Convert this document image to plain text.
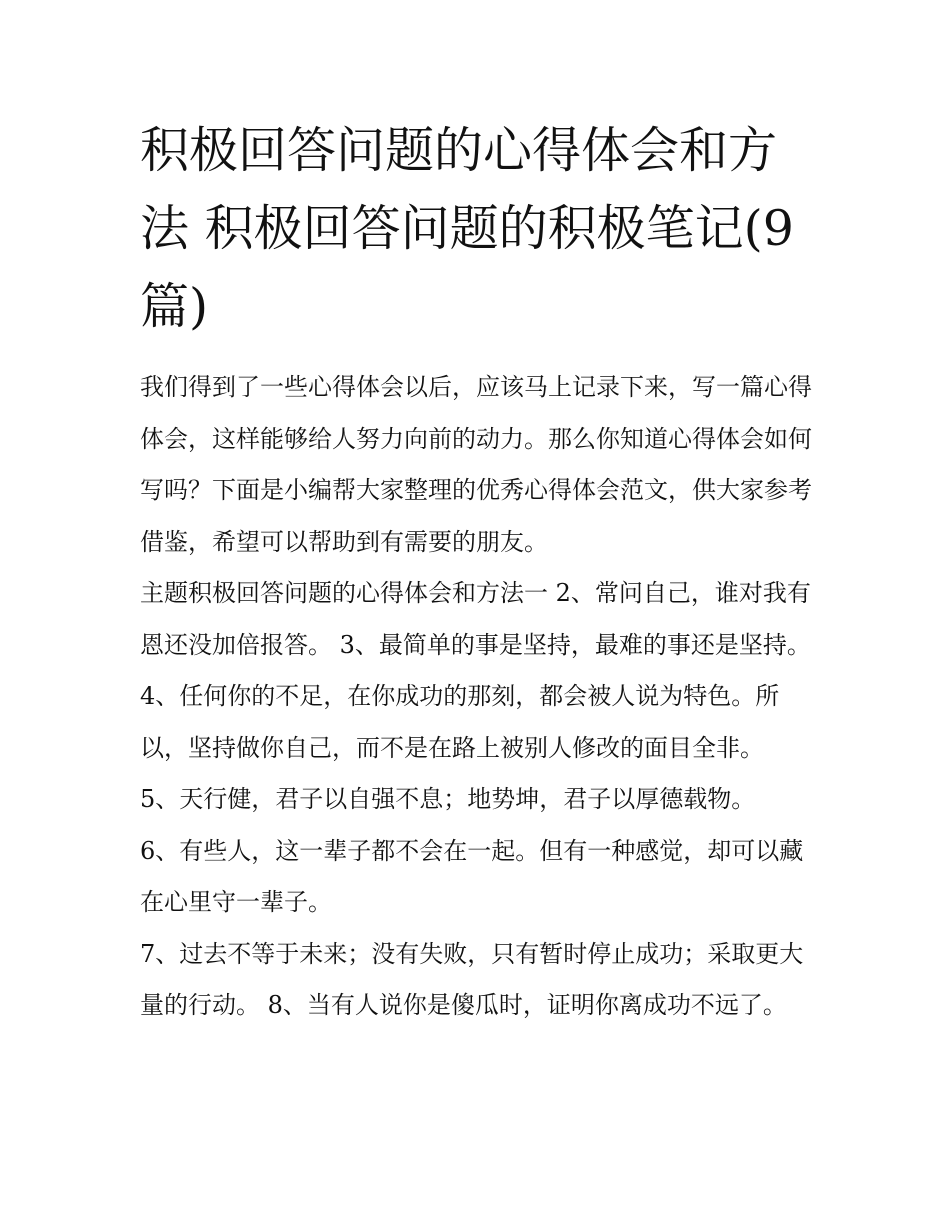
积极回答问题的心得体会和方法 积极回答问题的积极笔记(9篇)

我们得到了一些心得体会以后，应该马上记录下来，写一篇心得体会，这样能够给人努力向前的动力。那么你知道心得体会如何写吗？下面是小编帮大家整理的优秀心得体会范文，供大家参考借鉴，希望可以帮助到有需要的朋友。

主题积极回答问题的心得体会和方法一 2、常问自己，谁对我有恩还没加倍报答。 3、最简单的事是坚持，最难的事还是坚持。

4、任何你的不足，在你成功的那刻，都会被人说为特色。所以，坚持做你自己，而不是在路上被别人修改的面目全非。

5、天行健，君子以自强不息；地势坤，君子以厚德载物。

6、有些人，这一辈子都不会在一起。但有一种感觉，却可以藏在心里守一辈子。

7、过去不等于未来；没有失败，只有暂时停止成功；采取更大量的行动。 8、当有人说你是傻瓜时，证明你离成功不远了。
